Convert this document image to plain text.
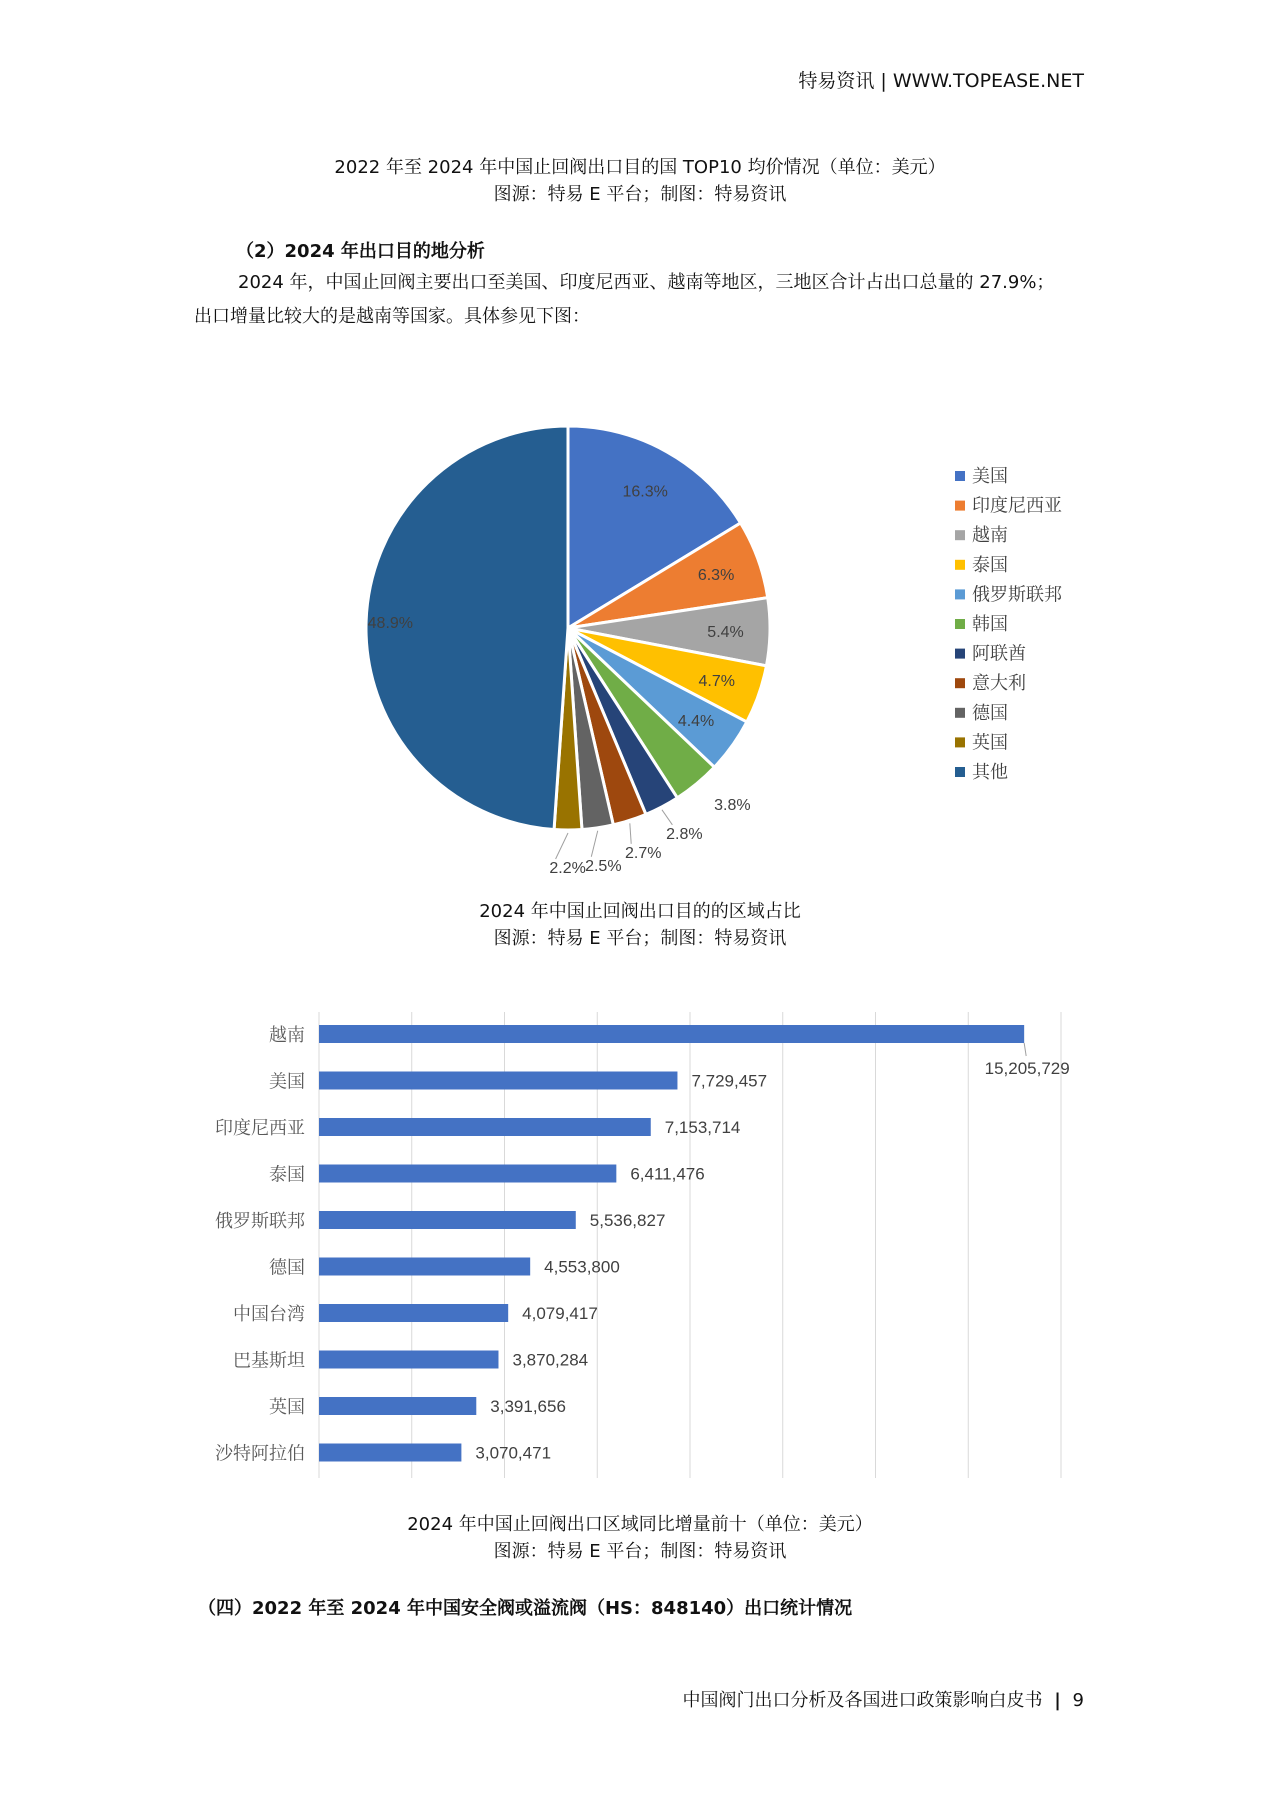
特易资讯 | WWW.TOPEASE.NET
2022 年至 2024 年中国止回阀出口目的国 TOP10 均价情况（单位：美元）
图源：特易 E 平台；制图：特易资讯
（2）2024 年出口目的地分析
2024 年，中国止回阀主要出口至美国、印度尼西亚、越南等地区，三地区合计占出口总量的 27.9%；
出口增量比较大的是越南等国家。具体参见下图：
16.3%
6.3%
5.4%
4.7%
4.4%
3.8%
2.8%
2.7%
2.5%
2.2%
48.9%
美国
印度尼西亚
越南
泰国
俄罗斯联邦
韩国
阿联酋
意大利
德国
英国
其他
2024 年中国止回阀出口目的的区域占比
图源：特易 E 平台；制图：特易资讯
越南
15,205,729
美国	7,729,457
印度尼西亚	7,153,714
泰国	6,411,476
俄罗斯联邦	5,536,827
德国	4,553,800
中国台湾	4,079,417
巴基斯坦	3,870,284
英国	3,391,656
沙特阿拉伯	3,070,471
2024 年中国止回阀出口区域同比增量前十（单位：美元）
图源：特易 E 平台；制图：特易资讯
（四）2022 年至 2024 年中国安全阀或溢流阀（HS：848140）出口统计情况
中国阀门出口分析及各国进口政策影响白皮书 | 9
